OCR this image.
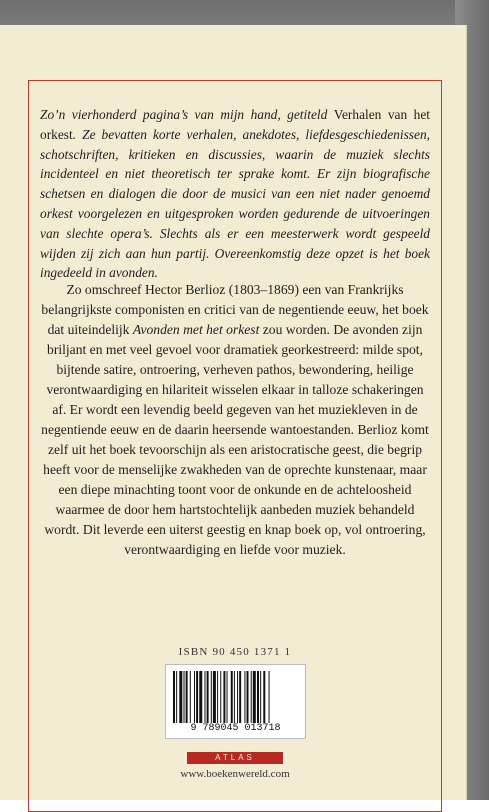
Zo’n vierhonderd pagina’s van mijn hand, getiteld Verhalen van het orkest. Ze bevatten korte verhalen, anekdotes, liefdesgeschiedenissen, schotschriften, kritieken en discussies, waarin de muziek slechts incidenteel en niet theoretisch ter sprake komt. Er zijn biografische schetsen en dialogen die door de musici van een niet nader genoemd orkest voorgelezen en uitgesproken worden gedurende de uitvoeringen van slechte opera’s. Slechts als er een meesterwerk wordt gespeeld wijden zij zich aan hun partij. Overeenkomstig deze opzet is het boek ingedeeld in avonden.

Zo omschreef Hector Berlioz (1803–1869) een van Frankrijks belangrijkste componisten en critici van de negentiende eeuw, het boek dat uiteindelijk Avonden met het orkest zou worden. De avonden zijn briljant en met veel gevoel voor dramatiek georkestreerd: milde spot, bijtende satire, ontroering, verheven pathos, bewondering, heilige verontwaardiging en hilariteit wisselen elkaar in talloze schakeringen af. Er wordt een levendig beeld gegeven van het muziekleven in de negentiende eeuw en de daarin heersende wantoestanden. Berlioz komt zelf uit het boek tevoorschijn als een aristocratische geest, die begrip heeft voor de menselijke zwakheden van de oprechte kunstenaar, maar een diepe minachting toont voor de onkunde en de achteloosheid waarmee de door hem hartstochtelijk aanbeden muziek behandeld wordt. Dit leverde een uiterst geestig en knap boek op, vol ontroering, verontwaardiging en liefde voor muziek.

ISBN 90 450 1371 1
9 789045 013718
ATLAS
www.boekenwereld.com
